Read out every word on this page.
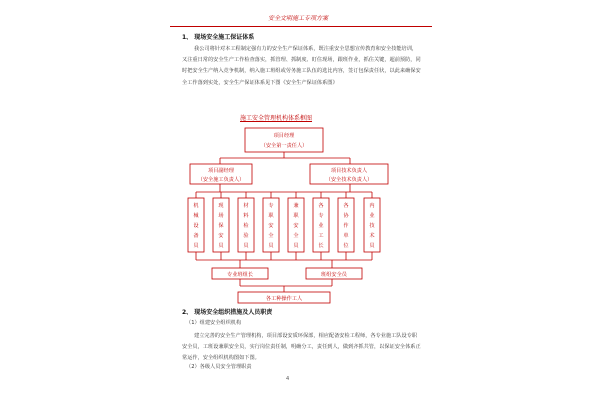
安全文明施工专项方案
1、 现场安全施工保证体系
我公司将针对本工程制定强有力的安全生产保证体系，既注重安全思想宣传教育和安全技能培训，又注重日常的安全生产工作检查落实，抓管理、抓制度、盯住现场，跟班作业，抓住关键，超前预防，同时把安全生产纳入竞争机制，纳入施工班组或劳务施工队伍的选比内容，签订包保责任状，以此来确保安全工作落到实处，安全生产保证体系见下图《安全生产保证体系图》
施工安全管理机构体系框图
项目经理
（安全第一责任人）
项目副经理
（安全施工负责人）
项目技术负责人
（安全技术负责人）
机械设备员
现场保安员
材料检验员
专职安全员
兼职安全员
各专业工长
各协作单位
内业技术员
专业班组长	班组安全员
各工种操作工人
2、 现场安全组织措施及人员职责
（1）组建安全组织机构
建立完善的安全生产管理机构，项目部设安质环保部，相应配备安检工程师，各专业施工队设专职安全员，工班设兼职安全员，实行岗位责任制，明确分工，责任到人，做到齐抓共管，以保证安全体系正常运作，安全组织机构图如下图。
（2）各级人员安全管理职责
4
